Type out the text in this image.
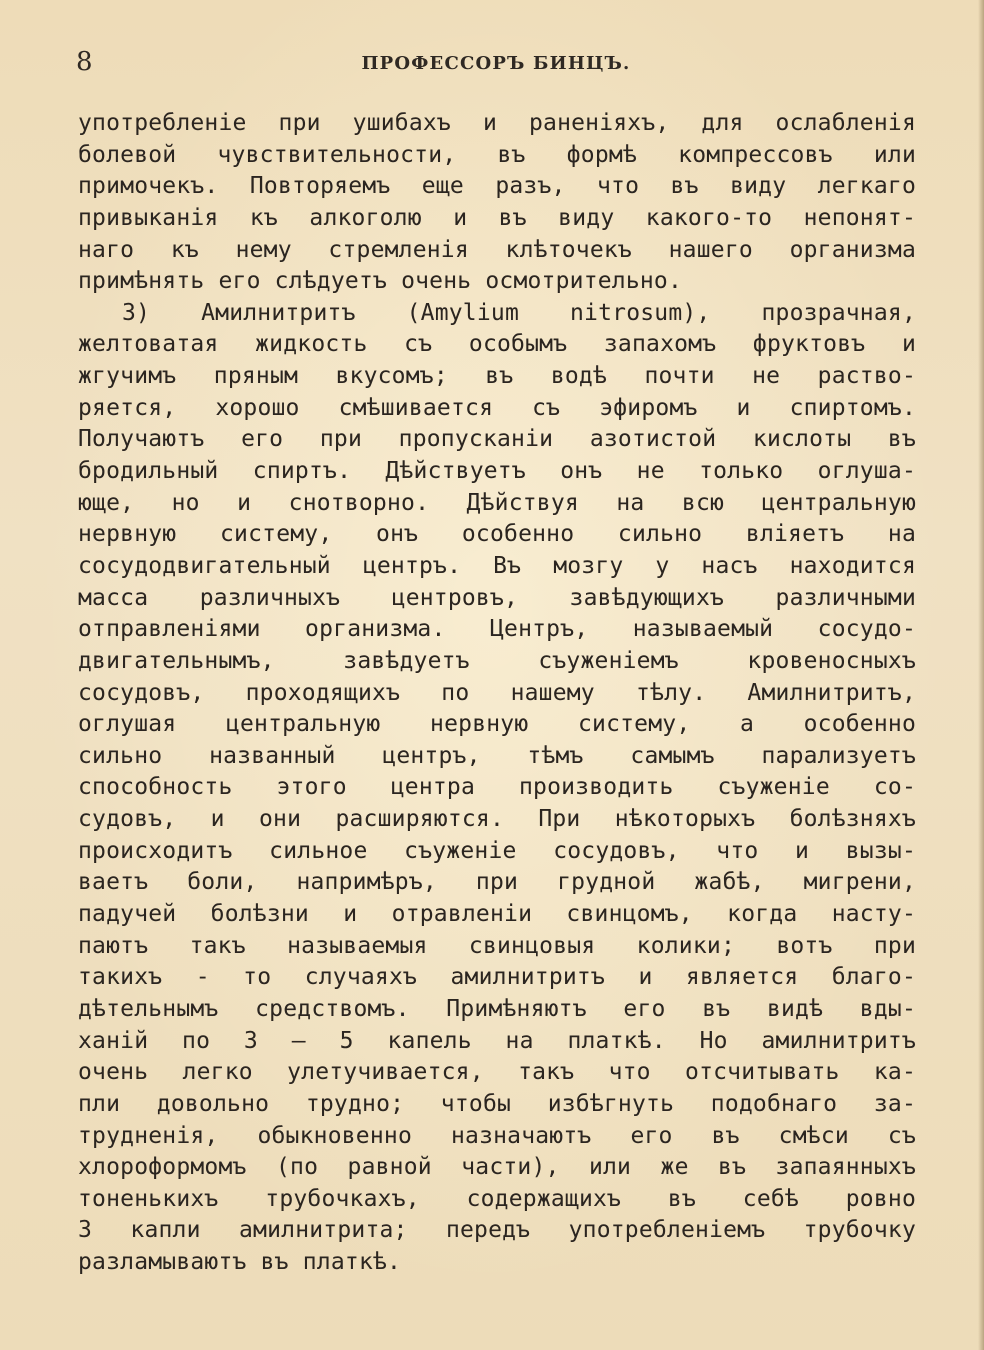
8	ПРОФЕССОРЪ БИНЦЪ.
употребленіе при ушибахъ и раненіяхъ, для ослабленія
болевой чувствительности, въ формѣ компрессовъ или
примочекъ. Повторяемъ еще разъ, что въ виду легкаго
привыканія къ алкоголю и въ виду какого-то непонят-
наго къ нему стремленія клѣточекъ нашего организма
примѣнять его слѣдуетъ очень осмотрительно.
3) Амилнитритъ (Amylium nitrosum), прозрачная,
желтоватая жидкость съ особымъ запахомъ фруктовъ и
жгучимъ пряным вкусомъ; въ водѣ почти не раство-
ряется, хорошо смѣшивается съ эфиромъ и спиртомъ.
Получаютъ его при пропусканіи азотистой кислоты въ
бродильный спиртъ. Дѣйствуетъ онъ не только оглуша-
юще, но и снотворно. Дѣйствуя на всю центральную
нервную систему, онъ особенно сильно вліяетъ на
сосудодвигательный центръ. Въ мозгу у насъ находится
масса различныхъ центровъ, завѣдующихъ различными
отправленіями организма. Центръ, называемый сосудо-
двигательнымъ, завѣдуетъ съуженіемъ кровеносныхъ
сосудовъ, проходящихъ по нашему тѣлу. Амилнитритъ,
оглушая центральную нервную систему, а особенно
сильно названный центръ, тѣмъ самымъ парализуетъ
способность этого центра производить съуженіе со-
судовъ, и они расширяются. При нѣкоторыхъ болѣзняхъ
происходитъ сильное съуженіе сосудовъ, что и вызы-
ваетъ боли, напримѣръ, при грудной жабѣ, мигрени,
падучей болѣзни и отравленіи свинцомъ, когда насту-
паютъ такъ называемыя свинцовыя колики; вотъ при
такихъ - то случаяхъ амилнитритъ и является благо-
дѣтельнымъ средствомъ. Примѣняютъ его въ видѣ вды-
ханій по 3 — 5 капель на платкѣ. Но амилнитритъ
очень легко улетучивается, такъ что отсчитывать ка-
пли довольно трудно; чтобы избѣгнуть подобнаго за-
трудненія, обыкновенно назначаютъ его въ смѣси съ
хлороформомъ (по равной части), или же въ запаянныхъ
тоненькихъ трубочкахъ, содержащихъ въ себѣ ровно
3 капли амилнитрита; передъ употребленіемъ трубочку
разламываютъ въ платкѣ.
